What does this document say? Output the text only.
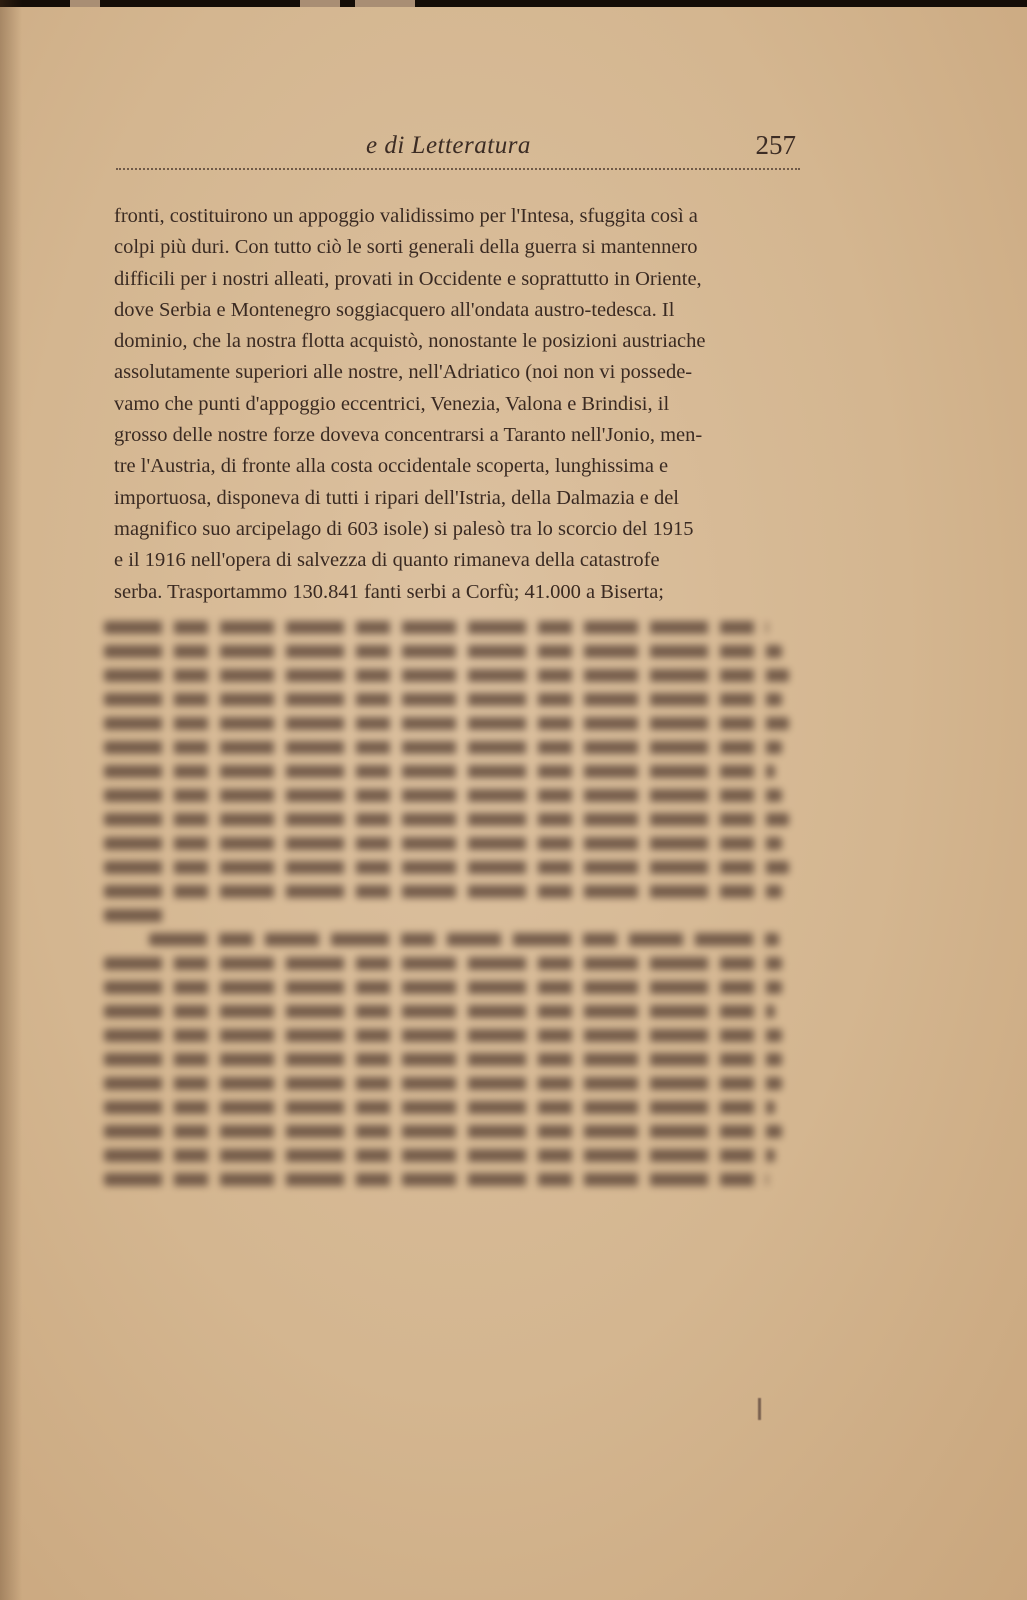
e di Letteratura	257
fronti, costituirono un appoggio validissimo per l'Intesa, sfuggita così a
colpi più duri. Con tutto ciò le sorti generali della guerra si mantennero
difficili per i nostri alleati, provati in Occidente e soprattutto in Oriente,
dove Serbia e Montenegro soggiacquero all'ondata austro-tedesca. Il
dominio, che la nostra flotta acquistò, nonostante le posizioni austriache
assolutamente superiori alle nostre, nell'Adriatico (noi non vi possede-
vamo che punti d'appoggio eccentrici, Venezia, Valona e Brindisi, il
grosso delle nostre forze doveva concentrarsi a Taranto nell'Jonio, men-
tre l'Austria, di fronte alla costa occidentale scoperta, lunghissima e
importuosa, disponeva di tutti i ripari dell'Istria, della Dalmazia e del
magnifico suo arcipelago di 603 isole) si palesò tra lo scorcio del 1915
e il 1916 nell'opera di salvezza di quanto rimaneva della catastrofe
serba. Trasportammo 130.841 fanti serbi a Corfù; 41.000 a Biserta;
